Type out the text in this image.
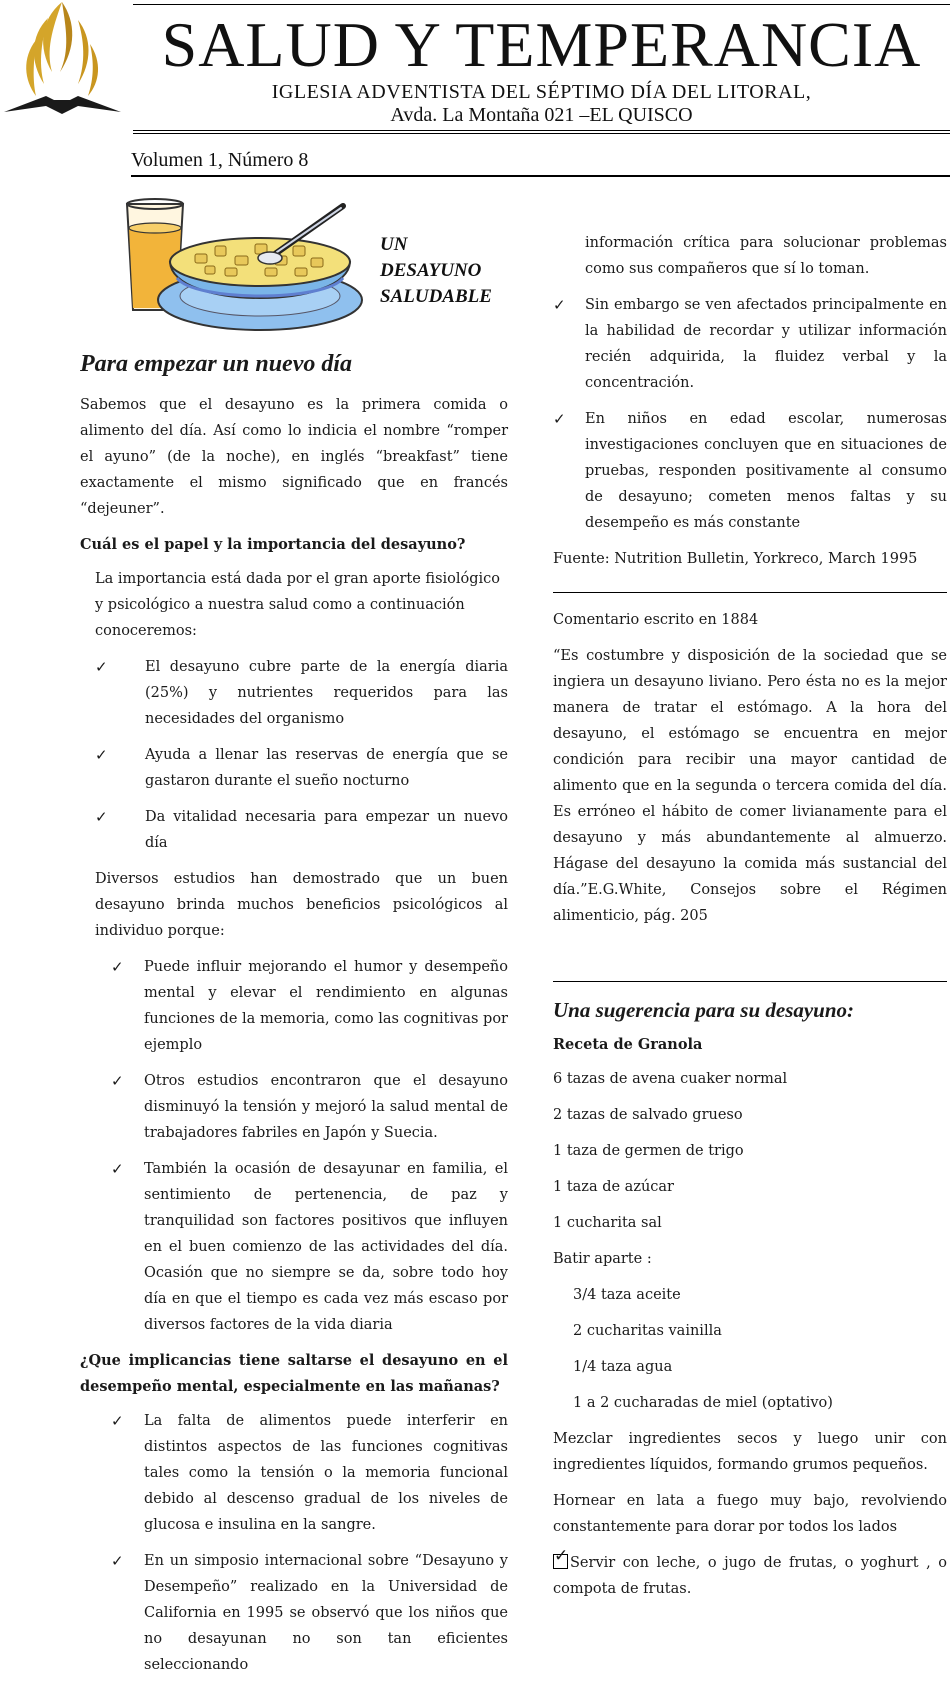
SALUD Y TEMPERANCIA
IGLESIA ADVENTISTA DEL SÉPTIMO DÍA DEL LITORAL,
Avda. La Montaña 021 –EL QUISCO
Volumen 1, Número 8
UN
DESAYUNO
SALUDABLE
Para empezar un nuevo día

Sabemos que el desayuno es la primera comida o alimento del día. Así como lo indicia el nombre “romper el ayuno” (de la noche), en inglés “breakfast” tiene exactamente el mismo significado que en francés “dejeuner”.

Cuál es el papel y la importancia del desayuno?

La importancia está dada por el gran aporte fisiológico y psicológico a nuestra salud como a continuación conoceremos:

✓	El desayuno cubre parte de la energía diaria (25%) y nutrientes requeridos para las necesidades del organismo
✓	Ayuda a llenar las reservas de energía que se gastaron durante el sueño nocturno
✓	Da vitalidad necesaria para empezar un nuevo día

Diversos estudios han demostrado que un buen desayuno brinda muchos beneficios psicológicos al individuo porque:

✓ Puede influir mejorando el humor y desempeño mental y elevar el rendimiento en algunas funciones de la memoria, como las cognitivas por ejemplo
✓ Otros estudios encontraron que el desayuno disminuyó la tensión y mejoró la salud mental de trabajadores fabriles en Japón y Suecia.
✓ También la ocasión de desayunar en familia, el sentimiento de pertenencia, de paz y tranquilidad son factores positivos que influyen en el buen comienzo de las actividades del día. Ocasión que no siempre se da, sobre todo hoy día en que el tiempo es cada vez más escaso por diversos factores de la vida diaria
¿Que implicancias tiene saltarse el desayuno en el desempeño mental, especialmente en las mañanas?
✓ La falta de alimentos puede interferir en distintos aspectos de las funciones cognitivas tales como la tensión o la memoria funcional debido al descenso gradual de los niveles de glucosa e insulina en la sangre.
✓ En un simposio internacional sobre “Desayuno y Desempeño” realizado en la Universidad de California en 1995 se observó que los niños que no desayunan no son tan eficientes seleccionando

información crítica para solucionar problemas como sus compañeros que sí lo toman.

✓ Sin embargo se ven afectados principalmente en la habilidad de recordar y utilizar información recién adquirida, la fluidez verbal y la concentración.
✓ En niños en edad escolar, numerosas investigaciones concluyen que en situaciones de pruebas, responden positivamente al consumo de desayuno; cometen menos faltas y su desempeño es más constante

Fuente: Nutrition Bulletin, Yorkreco, March 1995

Comentario escrito en 1884

“Es costumbre y disposición de la sociedad que se ingiera un desayuno liviano. Pero ésta no es la mejor manera de tratar el estómago. A la hora del desayuno, el estómago se encuentra en mejor condición para recibir una mayor cantidad de alimento que en la segunda o tercera comida del día. Es erróneo el hábito de comer livianamente para el desayuno y más abundantemente al almuerzo. Hágase del desayuno la comida más sustancial del día.”E.G.White, Consejos sobre el Régimen alimenticio, pág. 205

Una sugerencia para su desayuno:
Receta de Granola

6 tazas de avena cuaker normal

2 tazas de salvado grueso

1 taza de germen de trigo

1 taza de azúcar

1 cucharita sal

Batir aparte :

3/4 taza aceite

2 cucharitas vainilla

1/4 taza agua

1 a 2 cucharadas de miel (optativo)

Mezclar ingredientes secos y luego unir con ingredientes líquidos, formando grumos pequeños.

Hornear en lata a fuego muy bajo, revolviendo constantemente para dorar por todos los lados

✓ Servir con leche, o jugo de frutas, o yoghurt , o compota de frutas.
